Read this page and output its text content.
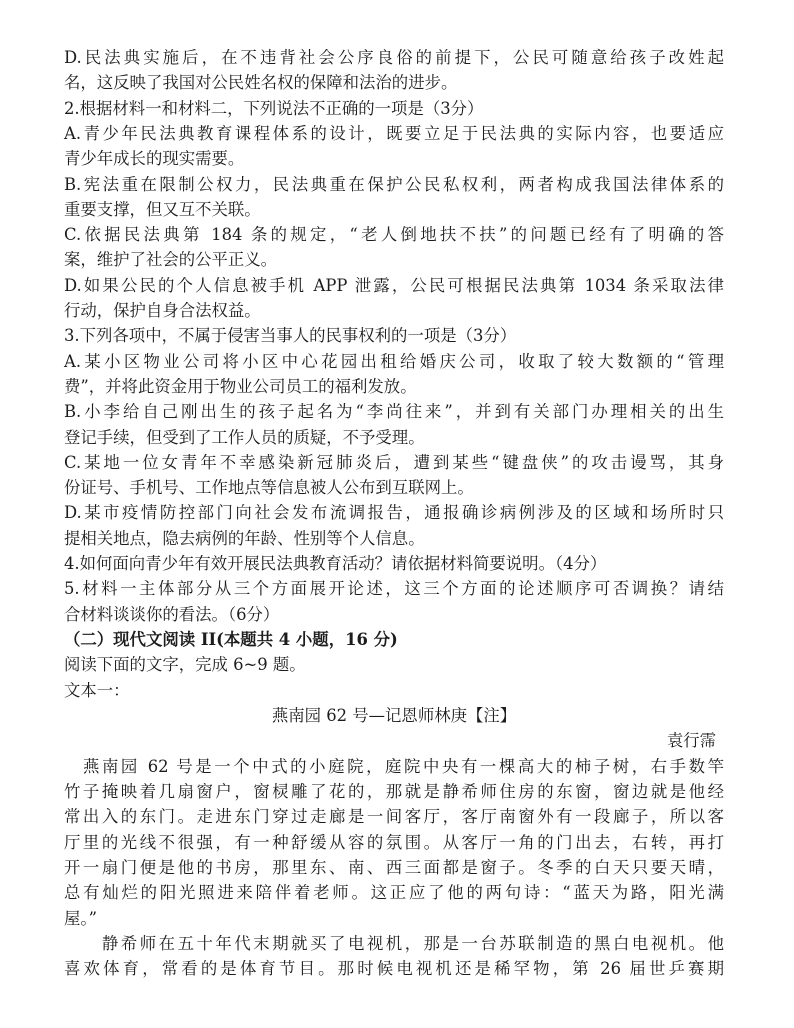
D.民法典实施后，在不违背社会公序良俗的前提下，公民可随意给孩子改姓起
名，这反映了我国对公民姓名权的保障和法治的进步。
2.根据材料一和材料二，下列说法不正确的一项是（3分）
A.青少年民法典教育课程体系的设计，既要立足于民法典的实际内容，也要适应
青少年成长的现实需要。
B.宪法重在限制公权力，民法典重在保护公民私权利，两者构成我国法律体系的
重要支撑，但又互不关联。
C.依据民法典第 184 条的规定，“老人倒地扶不扶”的问题已经有了明确的答
案，维护了社会的公平正义。
D.如果公民的个人信息被手机 APP 泄露，公民可根据民法典第 1034 条采取法律
行动，保护自身合法权益。
3.下列各项中，不属于侵害当事人的民事权利的一项是（3分）
A.某小区物业公司将小区中心花园出租给婚庆公司，收取了较大数额的“管理
费”，并将此资金用于物业公司员工的福利发放。
B.小李给自己刚出生的孩子起名为“李尚往来”，并到有关部门办理相关的出生
登记手续，但受到了工作人员的质疑，不予受理。
C.某地一位女青年不幸感染新冠肺炎后，遭到某些“键盘侠”的攻击谩骂，其身
份证号、手机号、工作地点等信息被人公布到互联网上。
D.某市疫情防控部门向社会发布流调报告，通报确诊病例涉及的区域和场所时只
提相关地点，隐去病例的年龄、性别等个人信息。
4.如何面向青少年有效开展民法典教育活动？请依据材料简要说明。（4分）
5.材料一主体部分从三个方面展开论述，这三个方面的论述顺序可否调换？请结
合材料谈谈你的看法。（6分）
（二）现代文阅读 II(本题共 4 小题，16 分)
阅读下面的文字，完成 6~9 题。
文本一：
燕南园 62 号—记恩师林庚【注】
袁行霈
　燕南园 62 号是一个中式的小庭院，庭院中央有一棵高大的柿子树，右手数竿
竹子掩映着几扇窗户，窗棂雕了花的，那就是静希师住房的东窗，窗边就是他经
常出入的东门。走进东门穿过走廊是一间客厅，客厅南窗外有一段廊子，所以客
厅里的光线不很强，有一种舒缓从容的氛围。从客厅一角的门出去，右转，再打
开一扇门便是他的书房，那里东、南、西三面都是窗子。冬季的白天只要天晴，
总有灿烂的阳光照进来陪伴着老师。这正应了他的两句诗：“蓝天为路，阳光满
屋。”
　　静希师在五十年代末期就买了电视机，那是一台苏联制造的黑白电视机。他
喜欢体育，常看的是体育节目。那时候电视机还是稀罕物，第 26 届世乒赛期
